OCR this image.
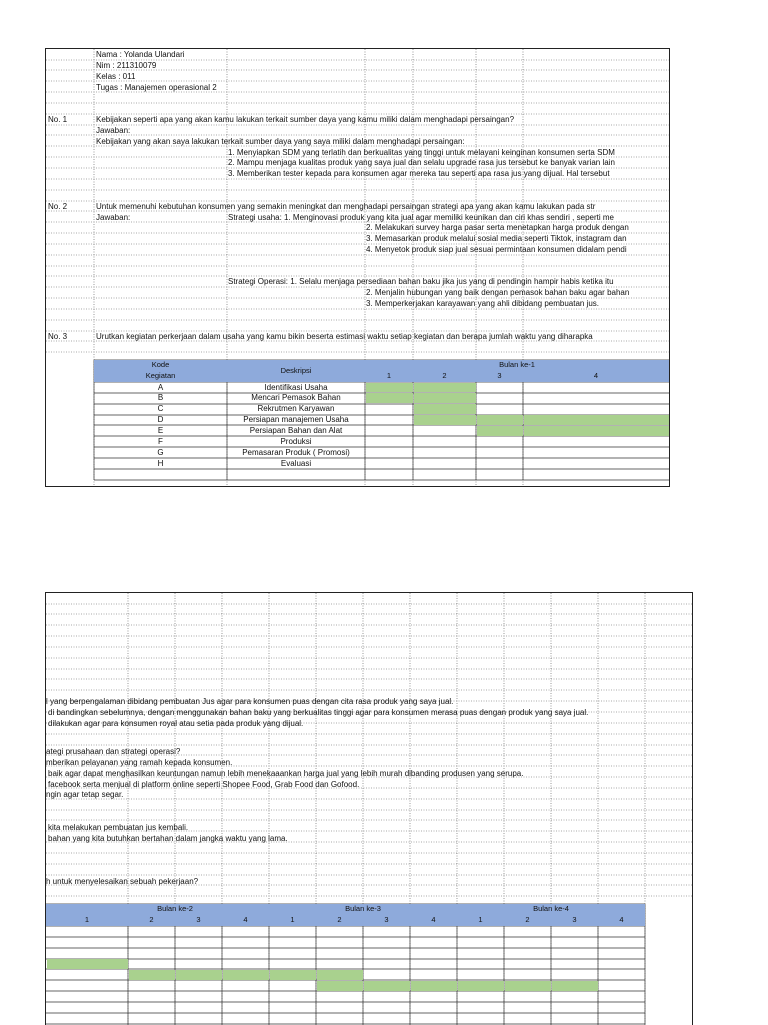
Nama : Yolanda Ulandari
Nim : 211310079
Kelas : 011
Tugas : Manajemen operasional 2
No. 1	Kebijakan seperti apa yang akan kamu lakukan terkait sumber daya yang kamu miliki dalam menghadapi persaingan?
Jawaban:
Kebijakan yang akan saya lakukan terkait sumber daya yang saya miliki dalam menghadapi persaingan:
1. Menyiapkan SDM yang terlatih dan berkualitas yang tinggi untuk melayani keinginan konsumen serta SDM
2. Mampu menjaga kualitas produk yang saya jual dan selalu upgrade rasa jus tersebut ke banyak varian lain
3. Memberikan tester kepada para konsumen agar mereka tau seperti apa rasa jus yang dijual. Hal tersebut
No. 2	Untuk memenuhi kebutuhan konsumen yang semakin meningkat dan menghadapi persaingan strategi apa yang akan kamu lakukan pada str
Jawaban:	Strategi usaha: 1. Menginovasi produk yang kita jual agar memiliki keunikan dan ciri khas sendiri , seperti me
2. Melakukan survey harga pasar serta menetapkan harga produk dengan
3. Memasarkan produk melalui sosial media seperti Tiktok, instagram dan
4. Menyetok produk siap jual sesuai permintaan konsumen didalam pendi
Strategi Operasi: 1. Selalu menjaga persediaan bahan baku jika jus yang di pendingin hampir habis ketika itu
2. Menjalin hubungan yang baik dengan pemasok bahan baku agar bahan
3. Memperkerjakan karayawan yang ahli dibidang pembuatan jus.
No. 3	Urutkan kegiatan perkerjaan dalam usaha yang kamu bikin beserta estimasi waktu setiap kegiatan dan berapa jumlah waktu yang diharapka
Kode
Kegiatan	Deskripsi
Bulan ke-1
1	2	3	4
A	Identifikasi Usaha
B	Mencari Pemasok Bahan
C	Rekrutmen Karyawan
D	Persiapan manajemen Usaha
E	Persiapan Bahan dan Alat
F	Produksi
G	Pemasaran Produk ( Promosi)
H	Evaluasi
l yang berpengalaman dibidang pembuatan Jus agar para konsumen puas dengan cita rasa produk yang saya jual.
di bandingkan sebelumnya, dengan menggunakan bahan baku yang berkualitas tinggi agar para konsumen merasa puas dengan produk yang saya jual.
dilakukan agar para konsumen royal atau setia pada produk yang dijual.
ategi prusahaan dan strategi operasi?
mberikan pelayanan yang ramah kepada konsumen.
baik agar dapat menghasilkan keuntungan namun lebih menekaaankan harga jual yang lebih murah dibanding produsen yang serupa.
facebook serta menjual di platform online seperti Shopee Food, Grab Food dan Gofood.
ngin agar tetap segar.
kita melakukan pembuatan jus kembali.
bahan yang kita butuhkan bertahan dalam jangka waktu yang lama.
h untuk menyelesaikan sebuah pekerjaan?
Bulan ke-2	Bulan ke-3	Bulan ke-4
1	2	3	4	1	2	3	4	1	2	3	4
